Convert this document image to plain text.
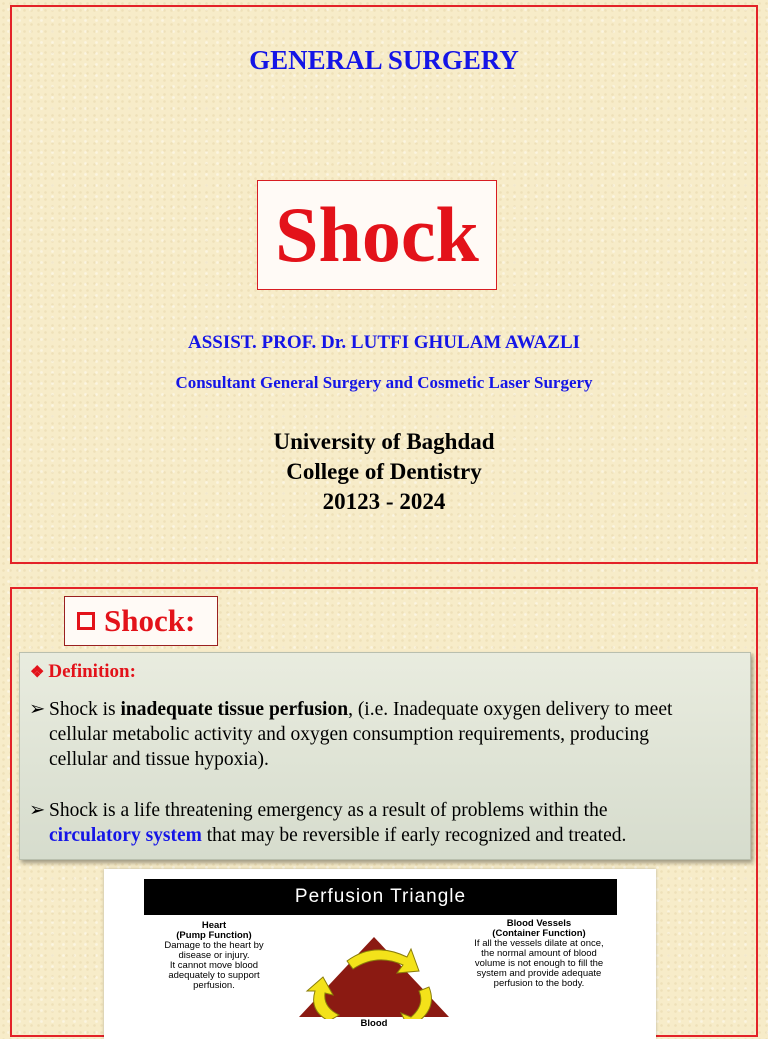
GENERAL SURGERY
Shock
ASSIST. PROF. Dr. LUTFI GHULAM AWAZLI
Consultant General Surgery and Cosmetic Laser Surgery
University of Baghdad
College of Dentistry
20123 - 2024
Shock:
❖ Definition:
➢ Shock is inadequate tissue perfusion, (i.e. Inadequate oxygen delivery to meet
cellular metabolic activity and oxygen consumption requirements, producing
cellular and tissue hypoxia).
➢ Shock is a life threatening emergency as a result of problems within the
circulatory system that may be reversible if early recognized and treated.
Perfusion Triangle
Heart
(Pump Function)
Damage to the heart by
disease or injury.
It cannot move blood
adequately to support
perfusion.
Blood Vessels
(Container Function)
If all the vessels dilate at once,
the normal amount of blood
volume is not enough to fill the
system and provide adequate
perfusion to the body.
Blood
